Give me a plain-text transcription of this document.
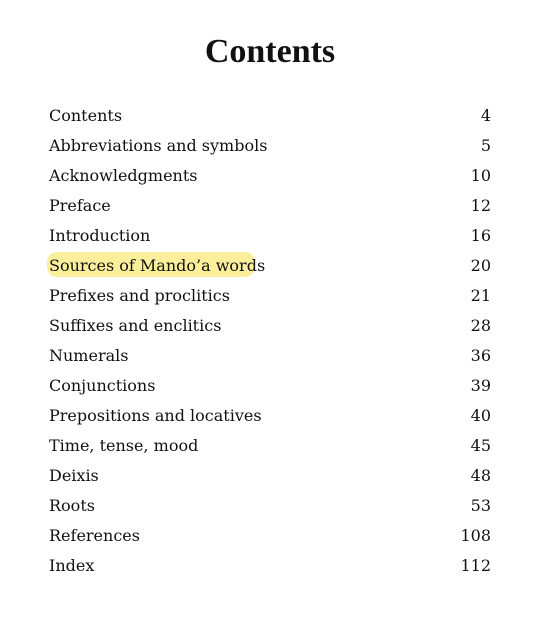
Contents
Contents	4
Abbreviations and symbols	5
Acknowledgments	10
Preface	12
Introduction	16
Sources of Mando’a words	20
Prefixes and proclitics	21
Suffixes and enclitics	28
Numerals	36
Conjunctions	39
Prepositions and locatives	40
Time, tense, mood	45
Deixis	48
Roots	53
References	108
Index	112
